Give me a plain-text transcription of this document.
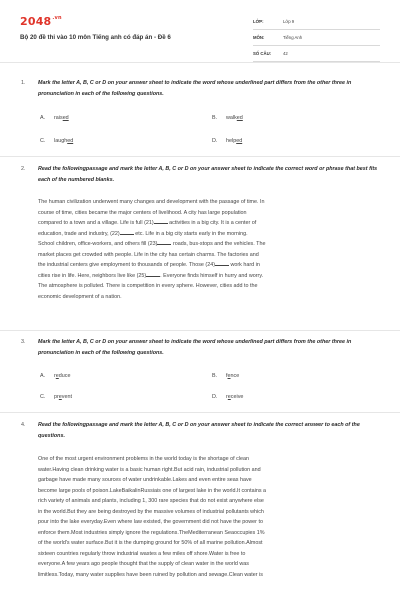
$2048^{.vn}$
Bộ 20 đề thi vào 10 môn Tiếng anh có đáp án - Đề 6
LỚP:	Lớp 9
MÔN:	Tiếng Anh
SỐ CÂU:	42
1. Mark the letter A, B, C or D on your answer sheet to indicate the word whose underlined part differs from the other three in pronunciation in each of the following questions.
A. raised	B. walked
C. laughed	D. helped
2. Read the followingpassage and mark the letter A, B, C or D on your answer sheet to indicate the correct word or phrase that best fits each of the numbered blanks.
The human civilization underwent many changes and development with the passage of time. In
course of time, cities became the major centers of livelihood. A city has large population
compared to a town and a village. Life is full (21)	activities in a big city. It is a center of
education, trade and industry, (22)	etc. Life in a big city starts early in the morning.
School children, office-workers, and others fill (23)	roads, bus-stops and the vehicles. The
market places get crowded with people. Life in the city has certain charms. The factories and
the industrial centers give employment to thousands of people. Those (24)	work hard in
cities rise in life. Here, neighbors live like (25)	. Everyone finds himself in hurry and worry.
The atmosphere is polluted. There is competition in every sphere. However, cities add to the
economic development of a nation.
3. Mark the letter A, B, C or D on your answer sheet to indicate the word whose underlined part differs from the other three in pronunciation in each of the following questions.
A. reduce	B. fence
C. prevent	D. receive
4. Read the followingpassage and mark the letter A, B, C or D on your answer sheet to indicate the correct answer to each of the questions.
One of the most urgent environment problems in the world today is the shortage of clean
water.Having clean drinking water is a basic human right.But acid rain, industrial pollution and
garbage have made many sources of water undrinkable.Lakes and even entire seas have
become large pools of poison.LakeBaikalinRussiais one of largest lake in the world.It contains a
rich variety of animals and plants, including 1, 300 rare species that do not exist anywhere else
in the world.But they are being destroyed by the massive volumes of industrial pollutants which
pour into the lake everyday.Even where law existed, the government did not have the power to
enforce them.Most industries simply ignore the regulations.TheMediterranean Seaoccupies 1%
of the world's water surface.But it is the dumping ground for 50% of all marine pollution.Almost
sixteen countries regularly throw industrial wastes a few miles off shore.Water is free to
everyone.A few years ago people thought that the supply of clean water in the world was
limitless.Today, many water supplies have been ruined by pollution and sewage.Clean water is
